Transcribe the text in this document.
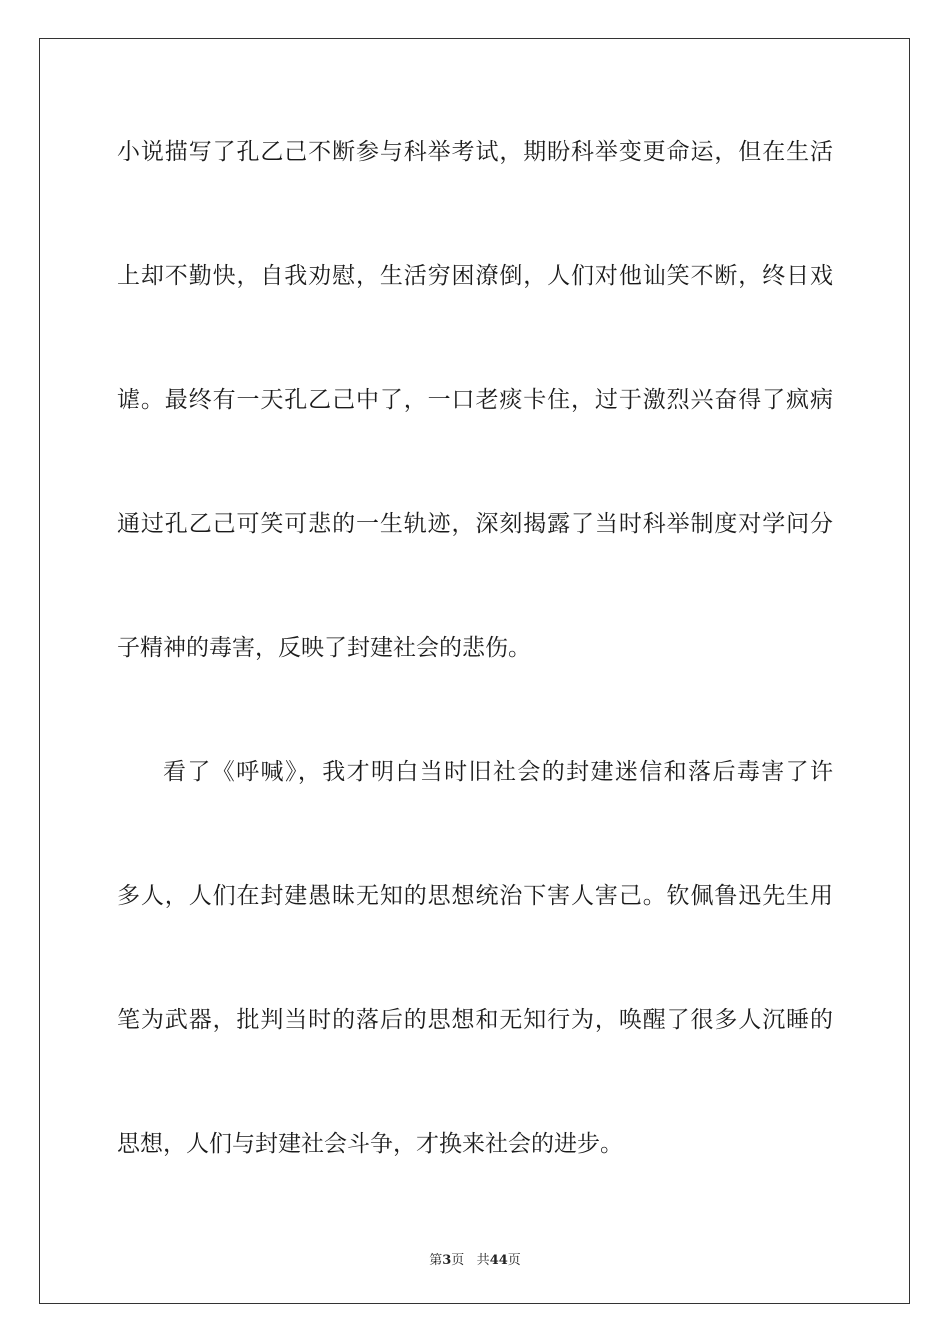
小说描写了孔乙己不断参与科举考试，期盼科举变更命运，但在生活
上却不勤快，自我劝慰，生活穷困潦倒，人们对他讪笑不断，终日戏
谑。最终有一天孔乙己中了，一口老痰卡住，过于激烈兴奋得了疯病
通过孔乙己可笑可悲的一生轨迹，深刻揭露了当时科举制度对学问分
子精神的毒害，反映了封建社会的悲伤。
看了《呼喊》，我才明白当时旧社会的封建迷信和落后毒害了许
多人，人们在封建愚昧无知的思想统治下害人害己。钦佩鲁迅先生用
笔为武器，批判当时的落后的思想和无知行为，唤醒了很多人沉睡的
思想，人们与封建社会斗争，才换来社会的进步。
第3页 共44页
